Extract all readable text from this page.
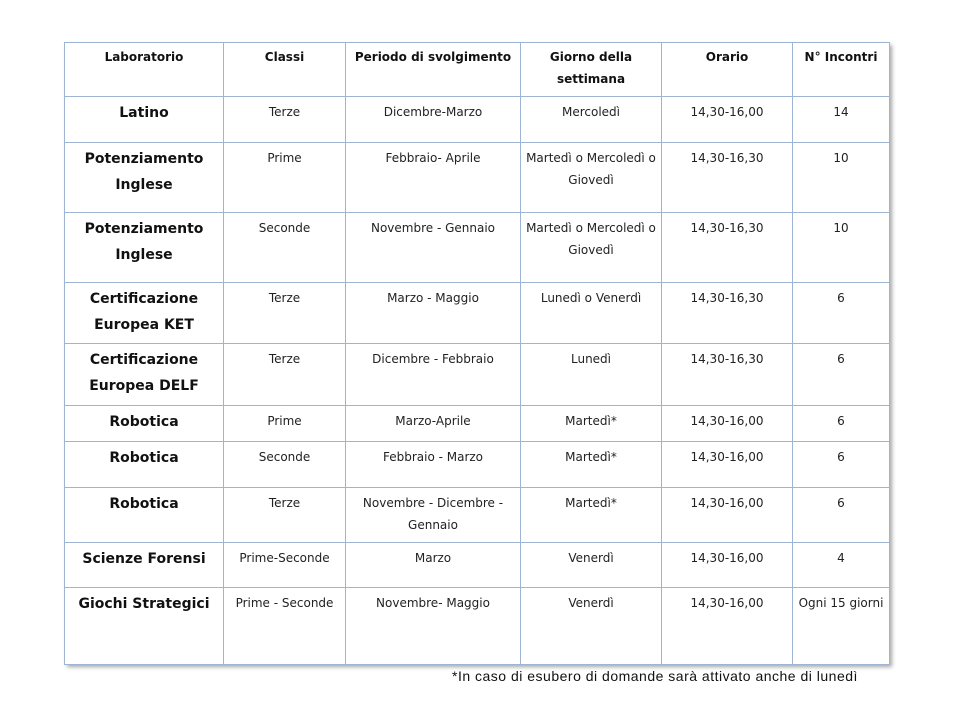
Laboratorio	Classi	Periodo di svolgimento	Giorno della settimana	Orario	N° Incontri
Latino	Terze	Dicembre-Marzo	Mercoledì	14,30-16,00	14
Potenziamento Inglese	Prime	Febbraio- Aprile	Martedì o Mercoledì o Giovedì	14,30-16,30	10
Potenziamento Inglese	Seconde	Novembre - Gennaio	Martedì o Mercoledì o Giovedì	14,30-16,30	10
Certificazione Europea KET	Terze	Marzo - Maggio	Lunedì o Venerdì	14,30-16,30	6
Certificazione Europea DELF	Terze	Dicembre - Febbraio	Lunedì	14,30-16,30	6
Robotica	Prime	Marzo-Aprile	Martedì*	14,30-16,00	6
Robotica	Seconde	Febbraio - Marzo	Martedì*	14,30-16,00	6
Robotica	Terze	Novembre - Dicembre - Gennaio	Martedì*	14,30-16,00	6
Scienze Forensi	Prime-Seconde	Marzo	Venerdì	14,30-16,00	4
Giochi Strategici	Prime - Seconde	Novembre- Maggio	Venerdì	14,30-16,00	Ogni 15 giorni
*In caso di esubero di domande sarà attivato anche di lunedì
